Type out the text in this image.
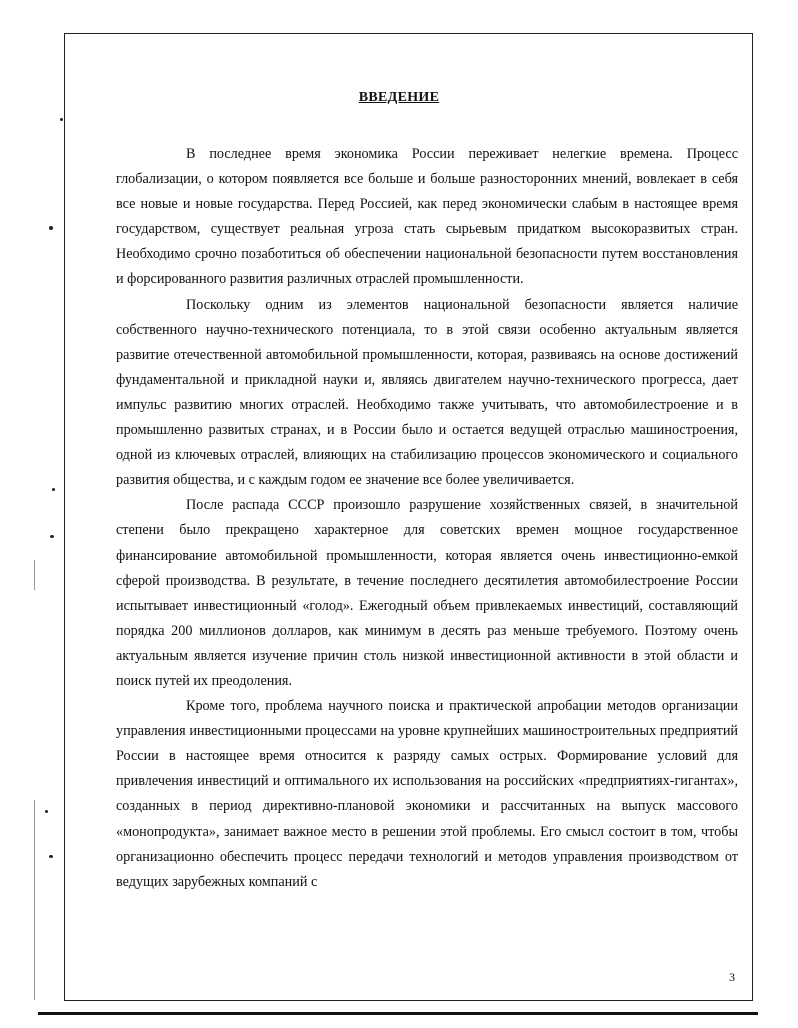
ВВЕДЕНИЕ

В последнее время экономика России переживает нелегкие времена. Процесс глобализации, о котором появляется все больше и больше разносторонних мнений, вовлекает в себя все новые и новые государства. Перед Россией, как перед экономически слабым в настоящее время государством, существует реальная угроза стать сырьевым придатком высокоразвитых стран. Необходимо срочно позаботиться об обеспечении национальной безопасности путем восстановления и форсированного развития различных отраслей промышленности.

Поскольку одним из элементов национальной безопасности является наличие собственного научно-технического потенциала, то в этой связи особенно актуальным является развитие отечественной автомобильной промышленности, которая, развиваясь на основе достижений фундаментальной и прикладной науки и, являясь двигателем научно-технического прогресса, дает импульс развитию многих отраслей. Необходимо также учитывать, что автомобилестроение и в промышленно развитых странах, и в России было и остается ведущей отраслью машиностроения, одной из ключевых отраслей, влияющих на стабилизацию процессов экономического и социального развития общества, и с каждым годом ее значение все более увеличивается.

После распада СССР произошло разрушение хозяйственных связей, в значительной степени было прекращено характерное для советских времен мощное государственное финансирование автомобильной промышленности, которая является очень инвестиционно-емкой сферой производства. В результате, в течение последнего десятилетия автомобилестроение России испытывает инвестиционный «голод». Ежегодный объем привлекаемых инвестиций, составляющий порядка 200 миллионов долларов, как минимум в десять раз меньше требуемого. Поэтому очень актуальным является изучение причин столь низкой инвестиционной активности в этой области и поиск путей их преодоления.

Кроме того, проблема научного поиска и практической апробации методов организации управления инвестиционными процессами на уровне крупнейших машиностроительных предприятий России в настоящее время относится к разряду самых острых. Формирование условий для привлечения инвестиций и оптимального их использования на российских «предприятиях-гигантах», созданных в период директивно-плановой экономики и рассчитанных на выпуск массового «монопродукта», занимает важное место в решении этой проблемы. Его смысл состоит в том, чтобы организационно обеспечить процесс передачи технологий и методов управления производством от ведущих зарубежных компаний с

3
